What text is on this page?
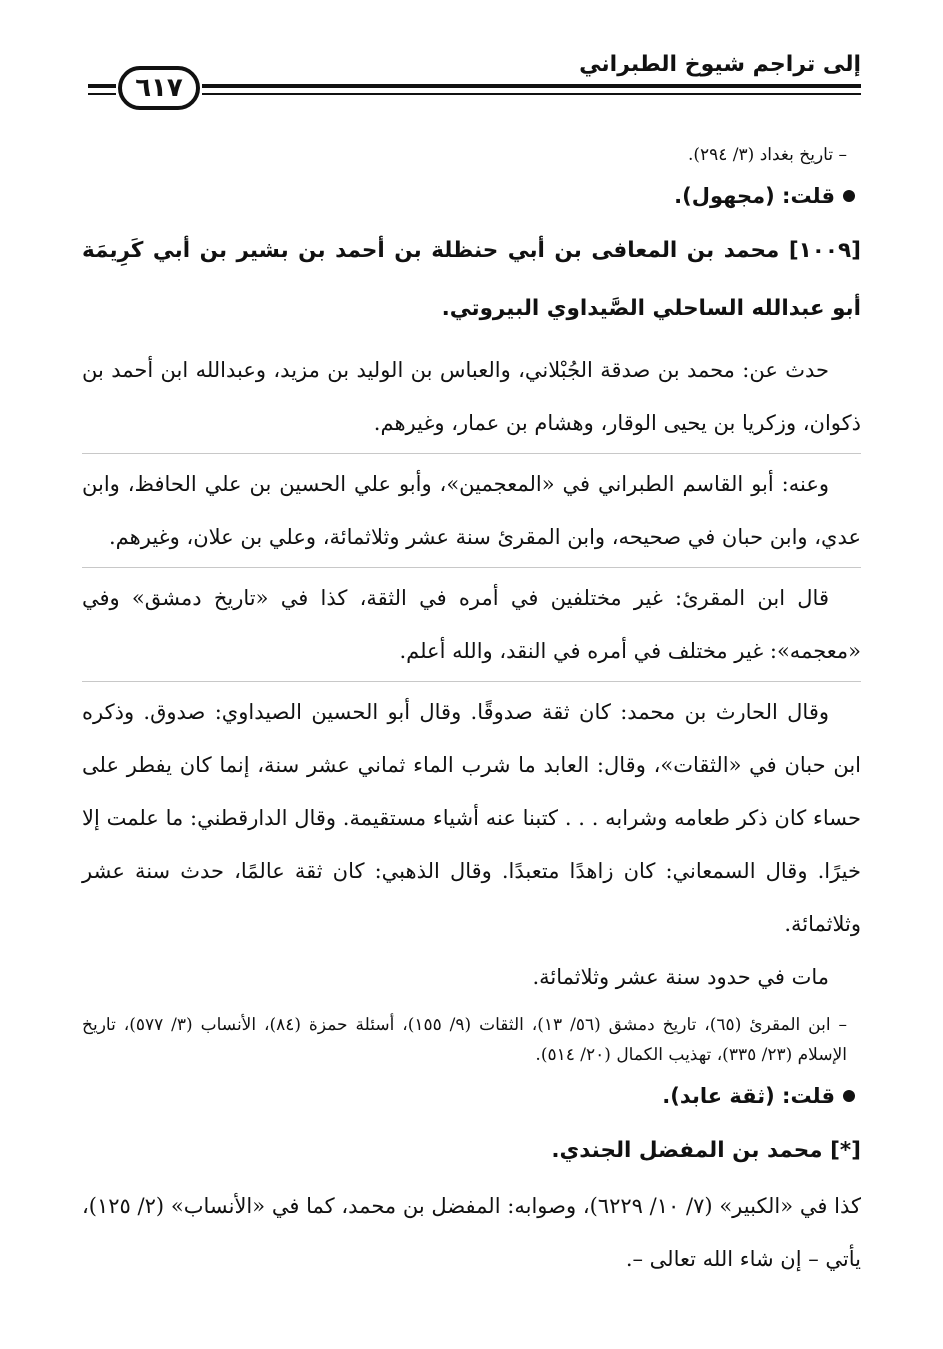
إلى تراجم شيوخ الطبراني
٦١٧

– تاريخ بغداد (٣/ ٢٩٤).

قلت: (مجهول).

[١٠٠٩] محمد بن المعافى بن أبي حنظلة بن أحمد بن بشير بن أبي كَرِيمَة أبو عبدالله الساحلي الصَّيداوي البيروتي.

حدث عن: محمد بن صدقة الجُبْلاني، والعباس بن الوليد بن مزيد، وعبدالله ابن أحمد بن ذكوان، وزكريا بن يحيى الوقار، وهشام بن عمار، وغيرهم.

وعنه: أبو القاسم الطبراني في «المعجمين»، وأبو علي الحسين بن علي الحافظ، وابن عدي، وابن حبان في صحيحه، وابن المقرئ سنة عشر وثلاثمائة، وعلي بن علان، وغيرهم.

قال ابن المقرئ: غير مختلفين في أمره في الثقة، كذا في «تاريخ دمشق» وفي «معجمه»: غير مختلف في أمره في النقد، والله أعلم.

وقال الحارث بن محمد: كان ثقة صدوقًا. وقال أبو الحسين الصيداوي: صدوق. وذكره ابن حبان في «الثقات»، وقال: العابد ما شرب الماء ثماني عشر سنة، إنما كان يفطر على حساء كان ذكر طعامه وشرابه . . . كتبنا عنه أشياء مستقيمة. وقال الدارقطني: ما علمت إلا خيرًا. وقال السمعاني: كان زاهدًا متعبدًا. وقال الذهبي: كان ثقة عالمًا، حدث سنة عشر وثلاثمائة.

مات في حدود سنة عشر وثلاثمائة.

– ابن المقرئ (٦٥)، تاريخ دمشق (٥٦/ ١٣)، الثقات (٩/ ١٥٥)، أسئلة حمزة (٨٤)، الأنساب (٣/ ٥٧٧)، تاريخ الإسلام (٢٣/ ٣٣٥)، تهذيب الكمال (٢٠/ ٥١٤).

قلت: (ثقة عابد).

[*] محمد بن المفضل الجندي.

كذا في «الكبير» (٧/ ١٠/ ٦٢٢٩)، وصوابه: المفضل بن محمد، كما في «الأنساب» (٢/ ١٢٥)، يأتي – إن شاء الله تعالى –.
